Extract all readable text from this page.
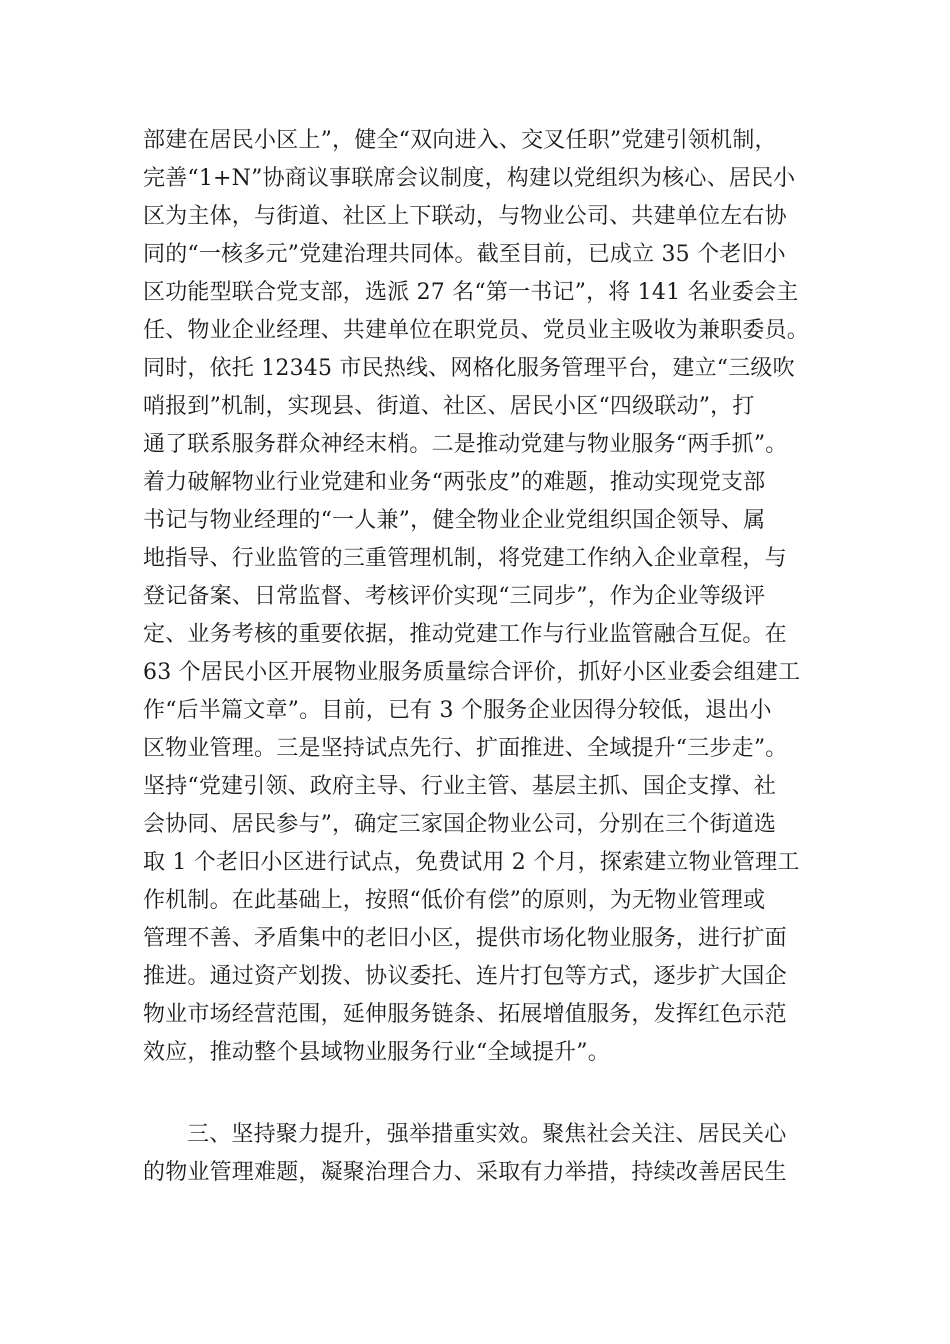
部建在居民小区上”，健全“双向进入、交叉任职”党建引领机制，
完善“1+N”协商议事联席会议制度，构建以党组织为核心、居民小
区为主体，与街道、社区上下联动，与物业公司、共建单位左右协
同的“一核多元”党建治理共同体。截至目前，已成立 35 个老旧小
区功能型联合党支部，选派 27 名“第一书记”，将 141 名业委会主
任、物业企业经理、共建单位在职党员、党员业主吸收为兼职委员。
同时，依托 12345 市民热线、网格化服务管理平台，建立“三级吹
哨报到”机制，实现县、街道、社区、居民小区“四级联动”，打
通了联系服务群众神经末梢。二是推动党建与物业服务“两手抓”。
着力破解物业行业党建和业务“两张皮”的难题，推动实现党支部
书记与物业经理的“一人兼”，健全物业企业党组织国企领导、属
地指导、行业监管的三重管理机制，将党建工作纳入企业章程，与
登记备案、日常监督、考核评价实现“三同步”，作为企业等级评
定、业务考核的重要依据，推动党建工作与行业监管融合互促。在
63 个居民小区开展物业服务质量综合评价，抓好小区业委会组建工
作“后半篇文章”。目前，已有 3 个服务企业因得分较低，退出小
区物业管理。三是坚持试点先行、扩面推进、全域提升“三步走”。
坚持“党建引领、政府主导、行业主管、基层主抓、国企支撑、社
会协同、居民参与”，确定三家国企物业公司，分别在三个街道选
取 1 个老旧小区进行试点，免费试用 2 个月，探索建立物业管理工
作机制。在此基础上，按照“低价有偿”的原则，为无物业管理或
管理不善、矛盾集中的老旧小区，提供市场化物业服务，进行扩面
推进。通过资产划拨、协议委托、连片打包等方式，逐步扩大国企
物业市场经营范围，延伸服务链条、拓展增值服务，发挥红色示范
效应，推动整个县域物业服务行业“全域提升”。
三、坚持聚力提升，强举措重实效。聚焦社会关注、居民关心
的物业管理难题，凝聚治理合力、采取有力举措，持续改善居民生
